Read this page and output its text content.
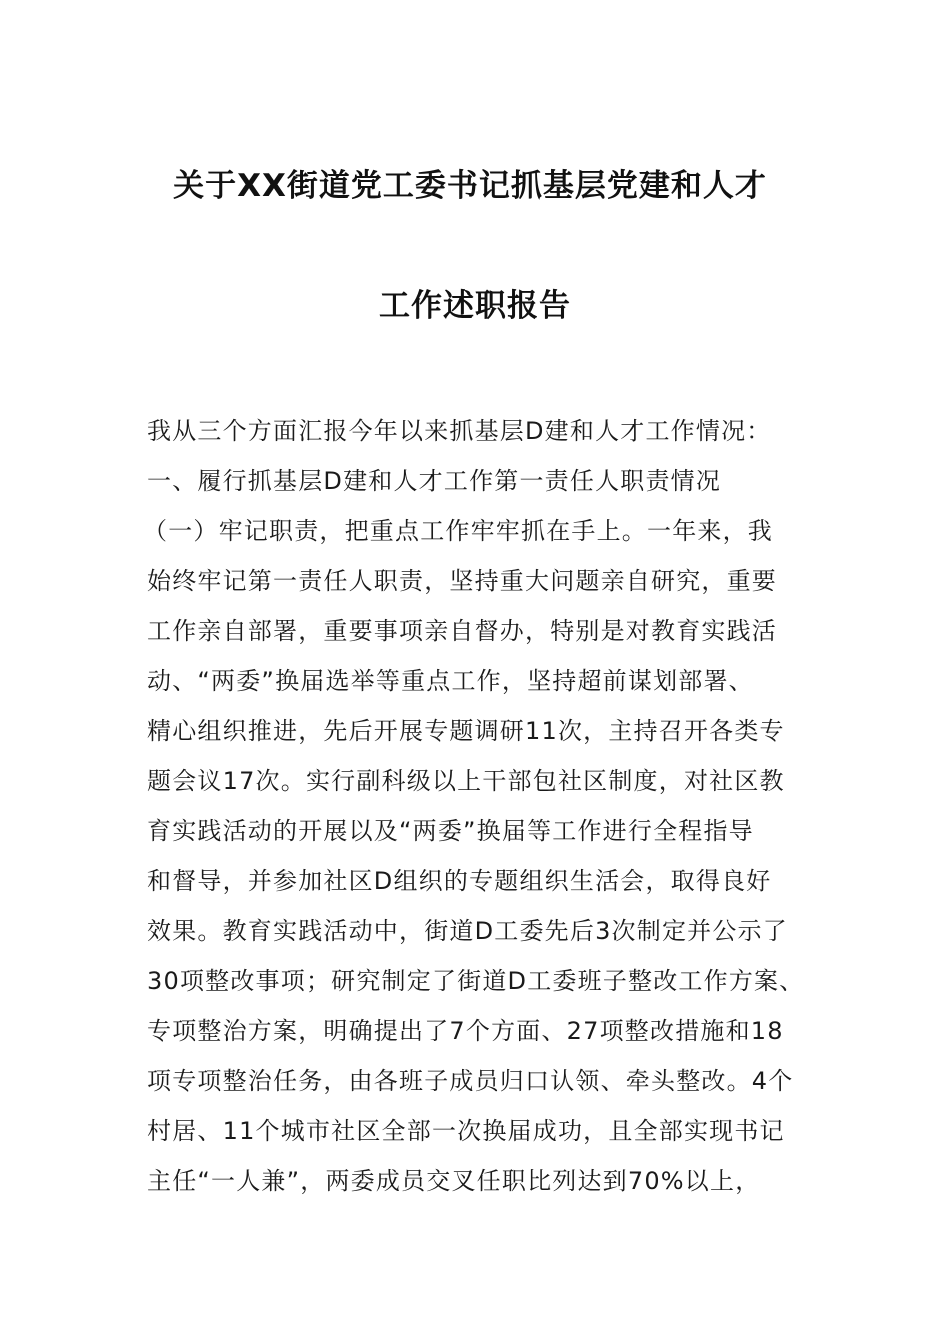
关于XX街道党工委书记抓基层党建和人才
工作述职报告
我从三个方面汇报今年以来抓基层D建和人才工作情况：
一、履行抓基层D建和人才工作第一责任人职责情况
（一）牢记职责，把重点工作牢牢抓在手上。一年来，我
始终牢记第一责任人职责，坚持重大问题亲自研究，重要
工作亲自部署，重要事项亲自督办，特别是对教育实践活
动、“两委”换届选举等重点工作，坚持超前谋划部署、
精心组织推进，先后开展专题调研11次，主持召开各类专
题会议17次。实行副科级以上干部包社区制度，对社区教
育实践活动的开展以及“两委”换届等工作进行全程指导
和督导，并参加社区D组织的专题组织生活会，取得良好
效果。教育实践活动中，街道D工委先后3次制定并公示了
30项整改事项；研究制定了街道D工委班子整改工作方案、
专项整治方案，明确提出了7个方面、27项整改措施和18
项专项整治任务，由各班子成员归口认领、牵头整改。4个
村居、11个城市社区全部一次换届成功，且全部实现书记
主任“一人兼”，两委成员交叉任职比列达到70%以上，
